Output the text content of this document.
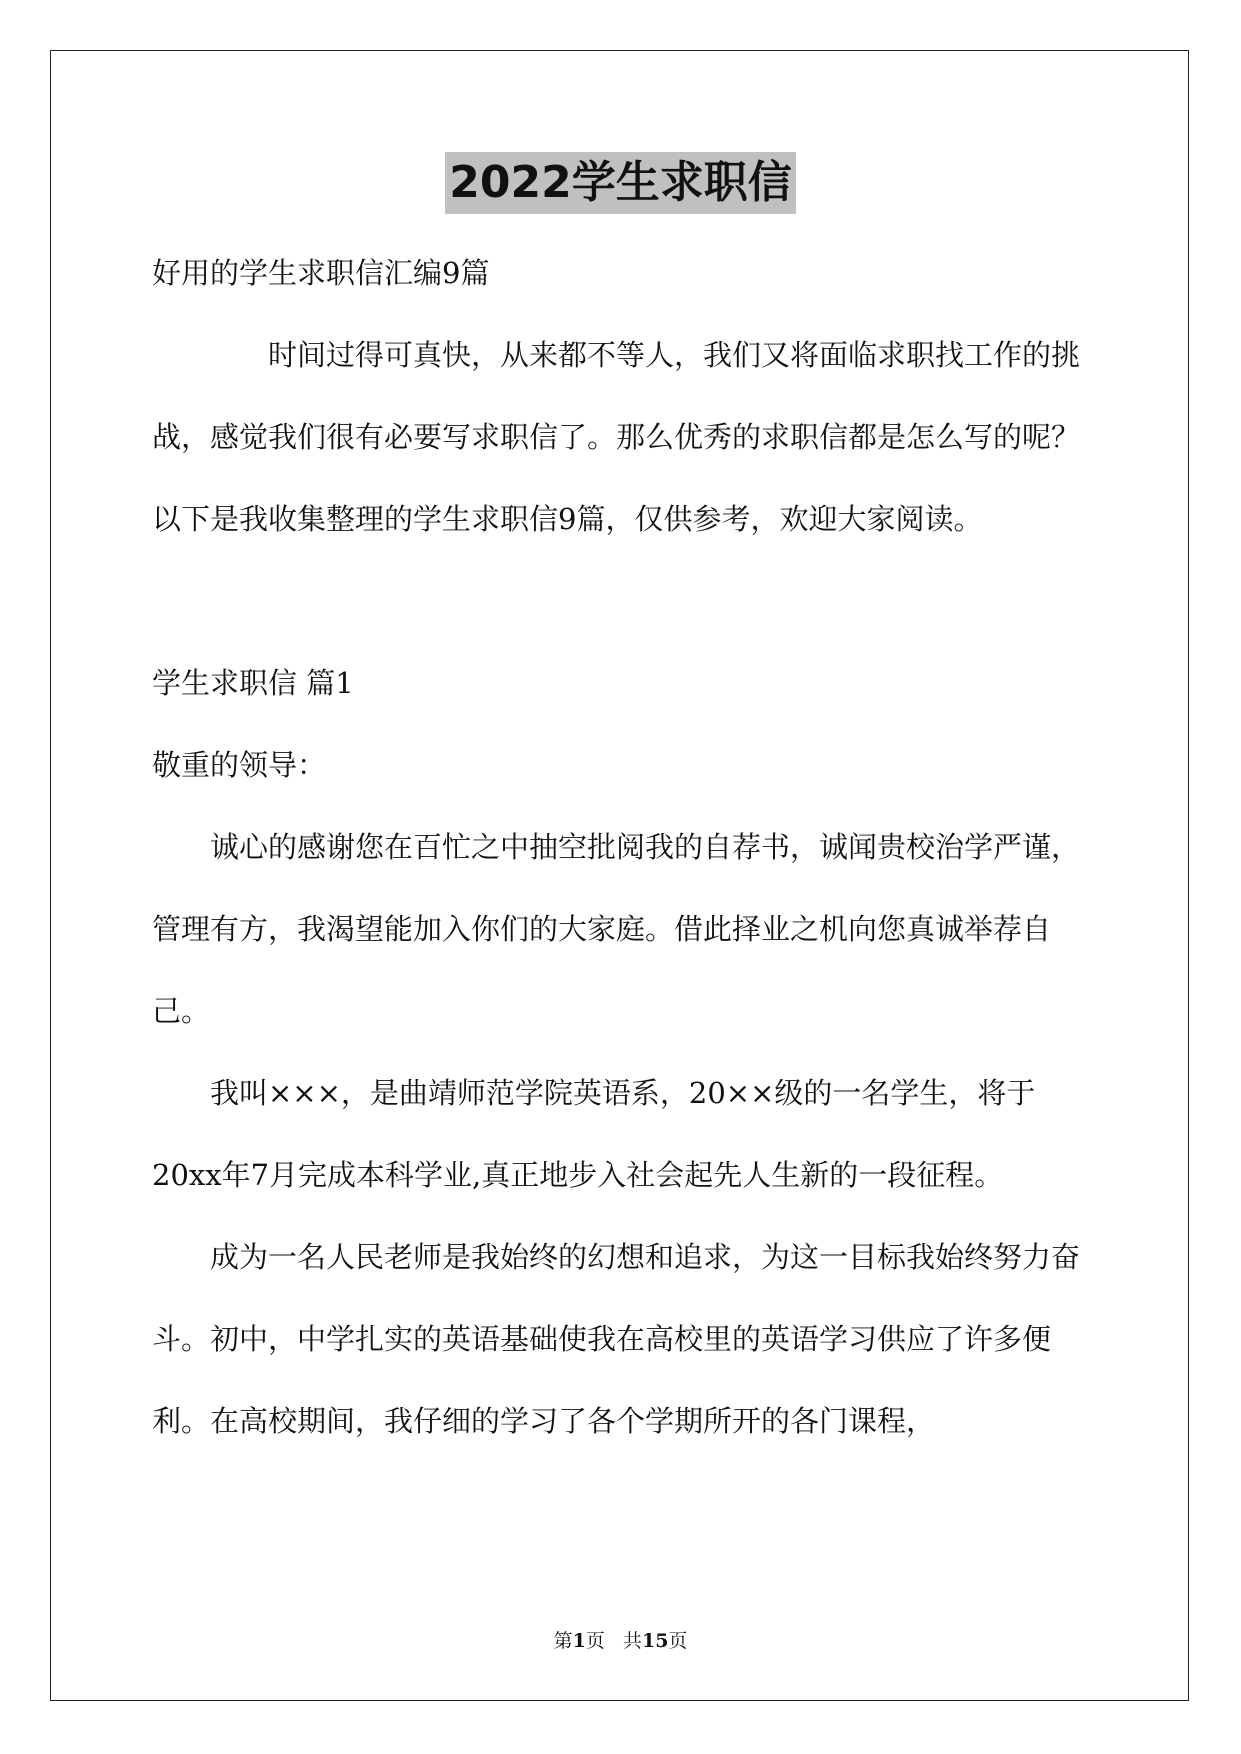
2022学生求职信

好用的学生求职信汇编9篇

时间过得可真快，从来都不等人，我们又将面临求职找工作的挑战，感觉我们很有必要写求职信了。那么优秀的求职信都是怎么写的呢？以下是我收集整理的学生求职信9篇，仅供参考，欢迎大家阅读。

学生求职信 篇1

敬重的领导：

诚心的感谢您在百忙之中抽空批阅我的自荐书，诚闻贵校治学严谨，管理有方，我渴望能加入你们的大家庭。借此择业之机向您真诚举荐自己。

我叫×××，是曲靖师范学院英语系，20××级的一名学生，将于20xx年7月完成本科学业,真正地步入社会起先人生新的一段征程。

成为一名人民老师是我始终的幻想和追求，为这一目标我始终努力奋斗。初中，中学扎实的英语基础使我在高校里的英语学习供应了许多便利。在高校期间，我仔细的学习了各个学期所开的各门课程，

第1页 共15页
